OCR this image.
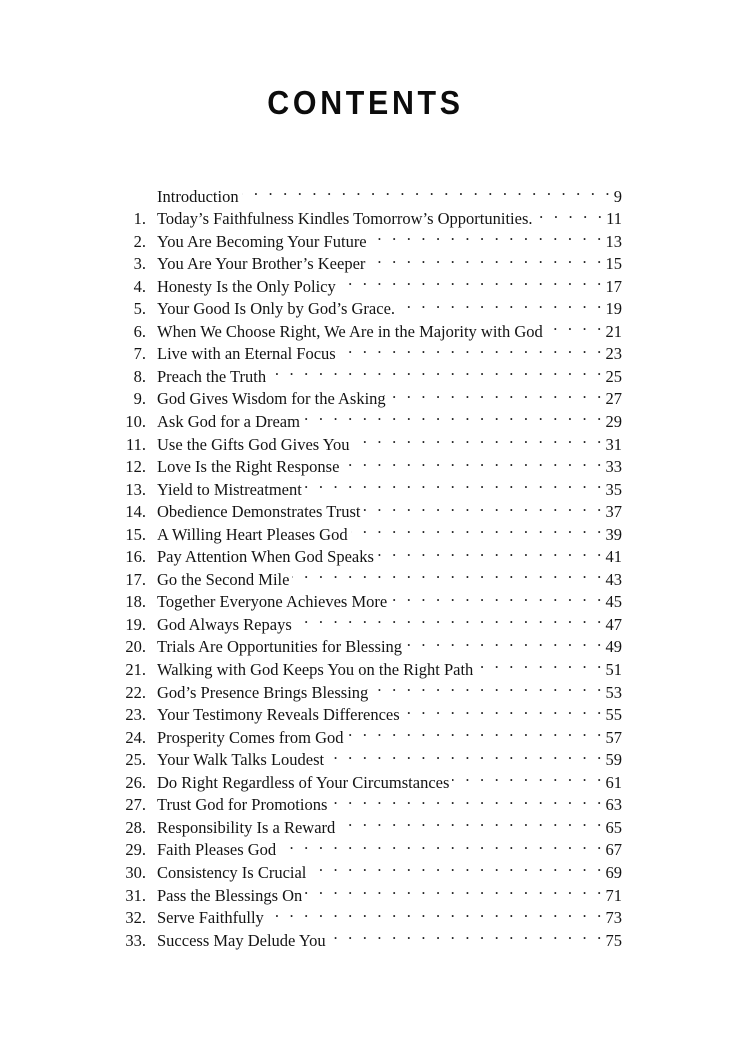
CONTENTS
Introduction . . .	9
1. Today’s Faithfulness Kindles Tomorrow’s Opportunities. . . .	11
2. You Are Becoming Your Future . . .	13
3. You Are Your Brother’s Keeper . . .	15
4. Honesty Is the Only Policy . . .	17
5. Your Good Is Only by God’s Grace. . . .	19
6. When We Choose Right, We Are in the Majority with God . . .	21
7. Live with an Eternal Focus . . .	23
8. Preach the Truth . . .	25
9. God Gives Wisdom for the Asking . . .	27
10. Ask God for a Dream . . .	29
11. Use the Gifts God Gives You . . .	31
12. Love Is the Right Response . . .	33
13. Yield to Mistreatment . . .	35
14. Obedience Demonstrates Trust . . .	37
15. A Willing Heart Pleases God . . .	39
16. Pay Attention When God Speaks . . .	41
17. Go the Second Mile . . .	43
18. Together Everyone Achieves More . . .	45
19. God Always Repays . . .	47
20. Trials Are Opportunities for Blessing . . .	49
21. Walking with God Keeps You on the Right Path . . .	51
22. God’s Presence Brings Blessing . . .	53
23. Your Testimony Reveals Differences . . .	55
24. Prosperity Comes from God . . .	57
25. Your Walk Talks Loudest . . .	59
26. Do Right Regardless of Your Circumstances . . .	61
27. Trust God for Promotions . . .	63
28. Responsibility Is a Reward . . .	65
29. Faith Pleases God . . .	67
30. Consistency Is Crucial . . .	69
31. Pass the Blessings On . . .	71
32. Serve Faithfully . . .	73
33. Success May Delude You . . .	75
